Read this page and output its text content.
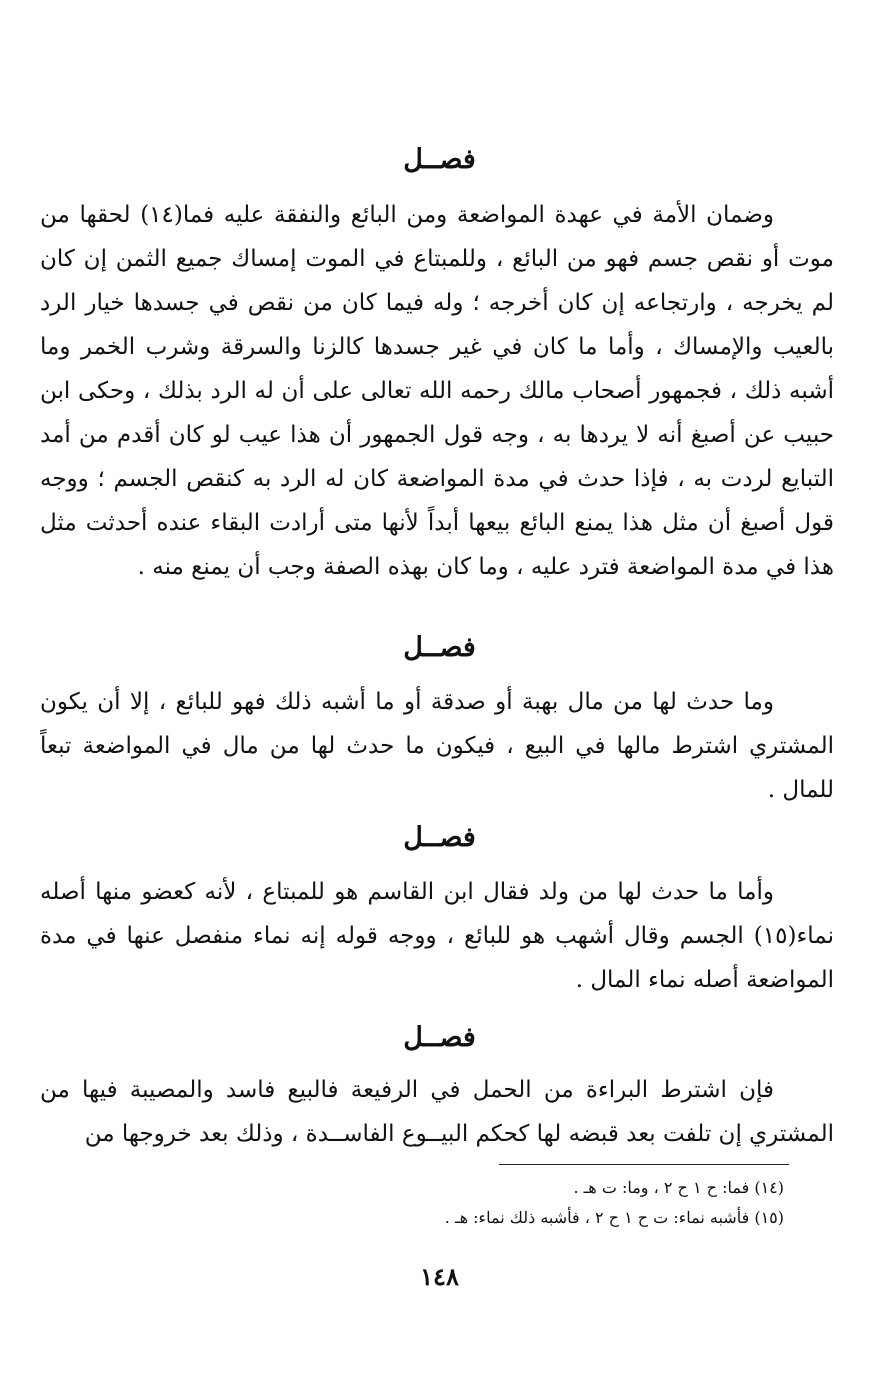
فصــل

وضمان الأمة في عهدة المواضعة ومن البائع والنفقة عليه فما(١٤) لحقها من موت أو نقص جسم فهو من البائع ، وللمبتاع في الموت إمساك جميع الثمن إن كان لم يخرجه ، وارتجاعه إن كان أخرجه ؛ وله فيما كان من نقص في جسدها خيار الرد بالعيب والإمساك ، وأما ما كان في غير جسدها كالزنا والسرقة وشرب الخمر وما أشبه ذلك ، فجمهور أصحاب مالك رحمه الله تعالى على أن له الرد بذلك ، وحكى ابن حبيب عن أصبغ أنه لا يردها به ، وجه قول الجمهور أن هذا عيب لو كان أقدم من أمد التبايع لردت به ، فإذا حدث في مدة المواضعة كان له الرد به كنقص الجسم ؛ ووجه قول أصبغ أن مثل هذا يمنع البائع بيعها أبداً لأنها متى أرادت البقاء عنده أحدثت مثل هذا في مدة المواضعة فترد عليه ، وما كان بهذه الصفة وجب أن يمنع منه .

فصــل

وما حدث لها من مال بهبة أو صدقة أو ما أشبه ذلك فهو للبائع ، إلا أن يكون المشتري اشترط مالها في البيع ، فيكون ما حدث لها من مال في المواضعة تبعاً للمال .

فصــل

وأما ما حدث لها من ولد فقال ابن القاسم هو للمبتاع ، لأنه كعضو منها أصله نماء(١٥) الجسم وقال أشهب هو للبائع ، ووجه قوله إنه نماء منفصل عنها في مدة المواضعة أصله نماء المال .

فصــل

فإن اشترط البراءة من الحمل في الرفيعة فالبيع فاسد والمصيبة فيها من المشتري إن تلفت بعد قبضه لها كحكم البيــوع الفاســدة ، وذلك بعد خروجها من

(١٤) فما: ح ١ ح ٢ ، وما: ت هـ .

(١٥) فأشبه نماء: ت ح ١ ح ٢ ، فأشبه ذلك نماء: هـ .

١٤٨
